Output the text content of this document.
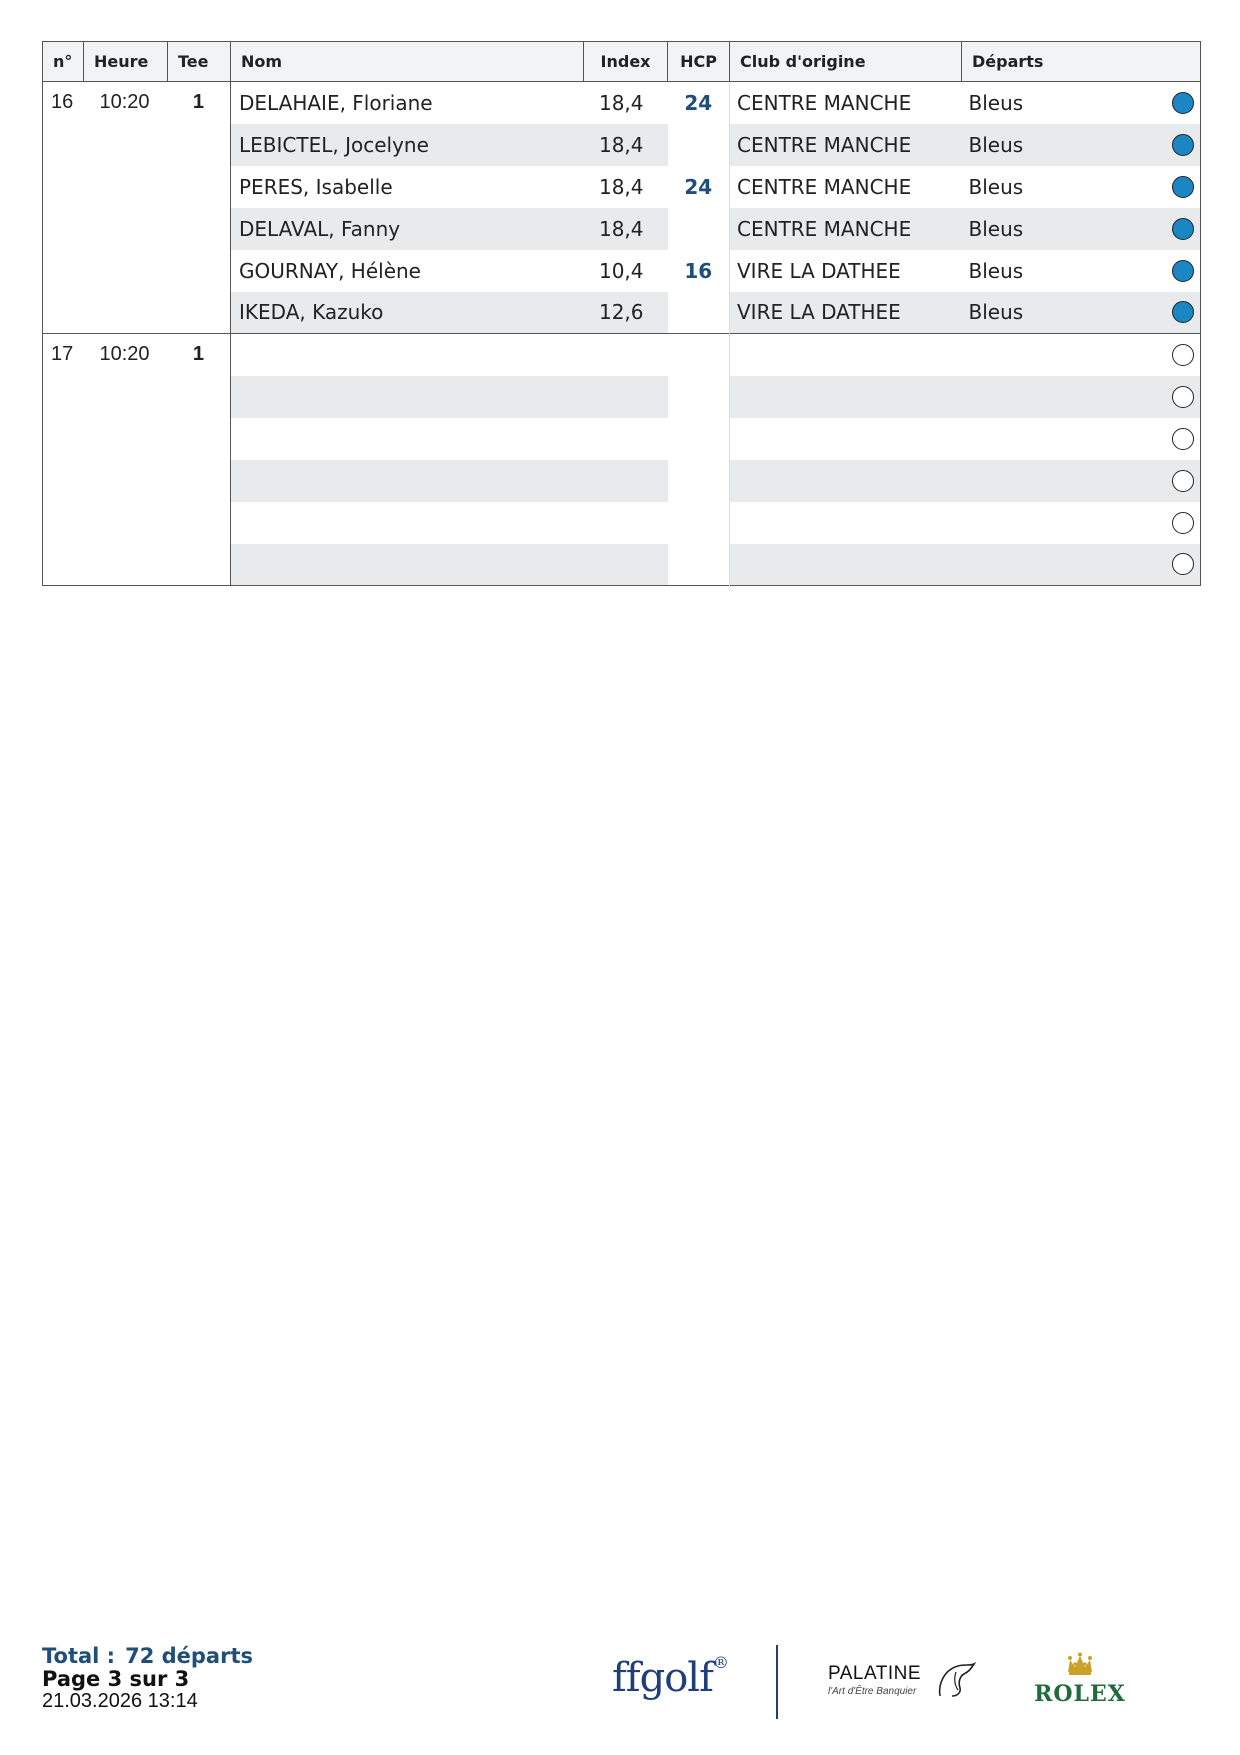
n°	Heure	Tee	Nom	Index	HCP	Club d'origine	Départs	
16	10:20	1	DELAHAIE, Floriane	18,4	24	CENTRE MANCHE	Bleus	
			LEBICTEL, Jocelyne	18,4		CENTRE MANCHE	Bleus	
			PERES, Isabelle	18,4	24	CENTRE MANCHE	Bleus	
			DELAVAL, Fanny	18,4		CENTRE MANCHE	Bleus	
			GOURNAY, Hélène	10,4	16	VIRE LA DATHEE	Bleus	
			IKEDA, Kazuko	12,6		VIRE LA DATHEE	Bleus	
17	10:20	1						

Total : 72 départs
Page 3 sur 3
21.03.2026 13:14	ffgolf®
PALATINE
l'Art d'Être Banquier	ROLEX
